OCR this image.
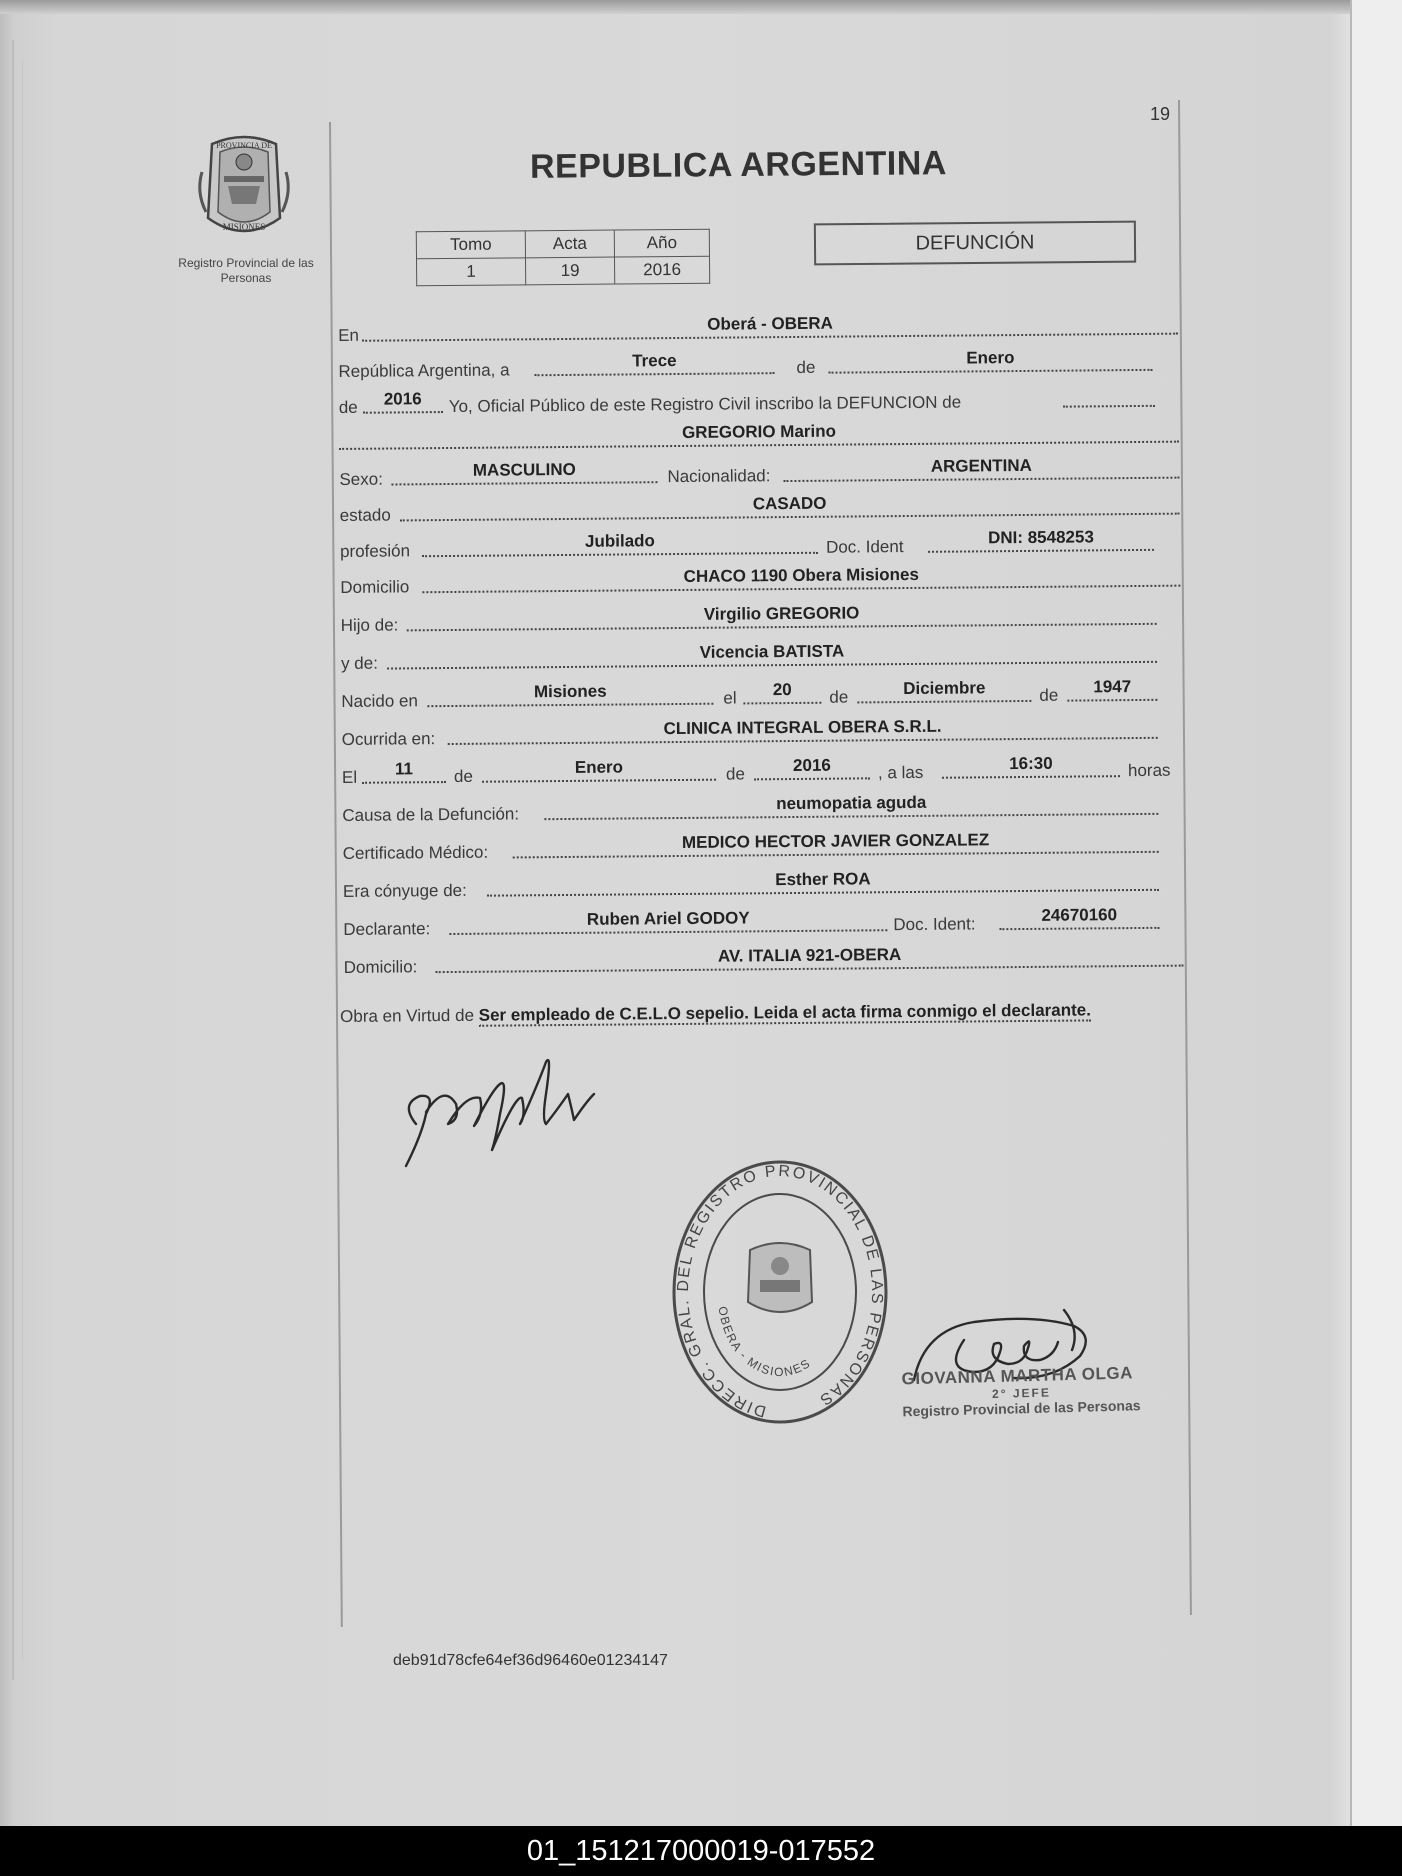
19
PROVINCIA DE
MISIONES
Registro Provincial de las Personas
REPUBLICA ARGENTINA
Tomo	Acta	Año
1	19	2016
DEFUNCIÓN
En
Oberá - OBERA
República Argentina, a	Trece	de	Enero
de	2016	Yo, Oficial Público de este Registro Civil inscribo la DEFUNCION de
GREGORIO Marino
Sexo:	MASCULINO	Nacionalidad:
ARGENTINA
estado
CASADO
profesión
Jubilado	Doc. Ident	DNI: 8548253
Domicilio
CHACO 1190 Obera Misiones
Hijo de:
Virgilio GREGORIO
y de:
Vicencia BATISTA
Nacido en	Misiones	el	20	de	Diciembre	de	1947
Ocurrida en:
CLINICA INTEGRAL OBERA S.R.L.
El	11	de	Enero	de	2016	, a las	16:30	horas
Causa de la Defunción:
neumopatia aguda
Certificado Médico:
MEDICO HECTOR JAVIER GONZALEZ
Era cónyuge de:
Esther ROA
Declarante:
Ruben Ariel GODOY	Doc. Ident:	24670160
Domicilio:
AV. ITALIA 921-OBERA
Obra en Virtud de Ser empleado de C.E.L.O sepelio. Leida el acta firma conmigo el declarante.
DIRECC. GRAL. DEL REGISTRO PROVINCIAL DE LAS PERSONAS
OBERA - MISIONES	GIOVANNA MARTHA OLGA
2° JEFE
Registro Provincial de las Personas
deb91d78cfe64ef36d96460e01234147
01_151217000019-017552
